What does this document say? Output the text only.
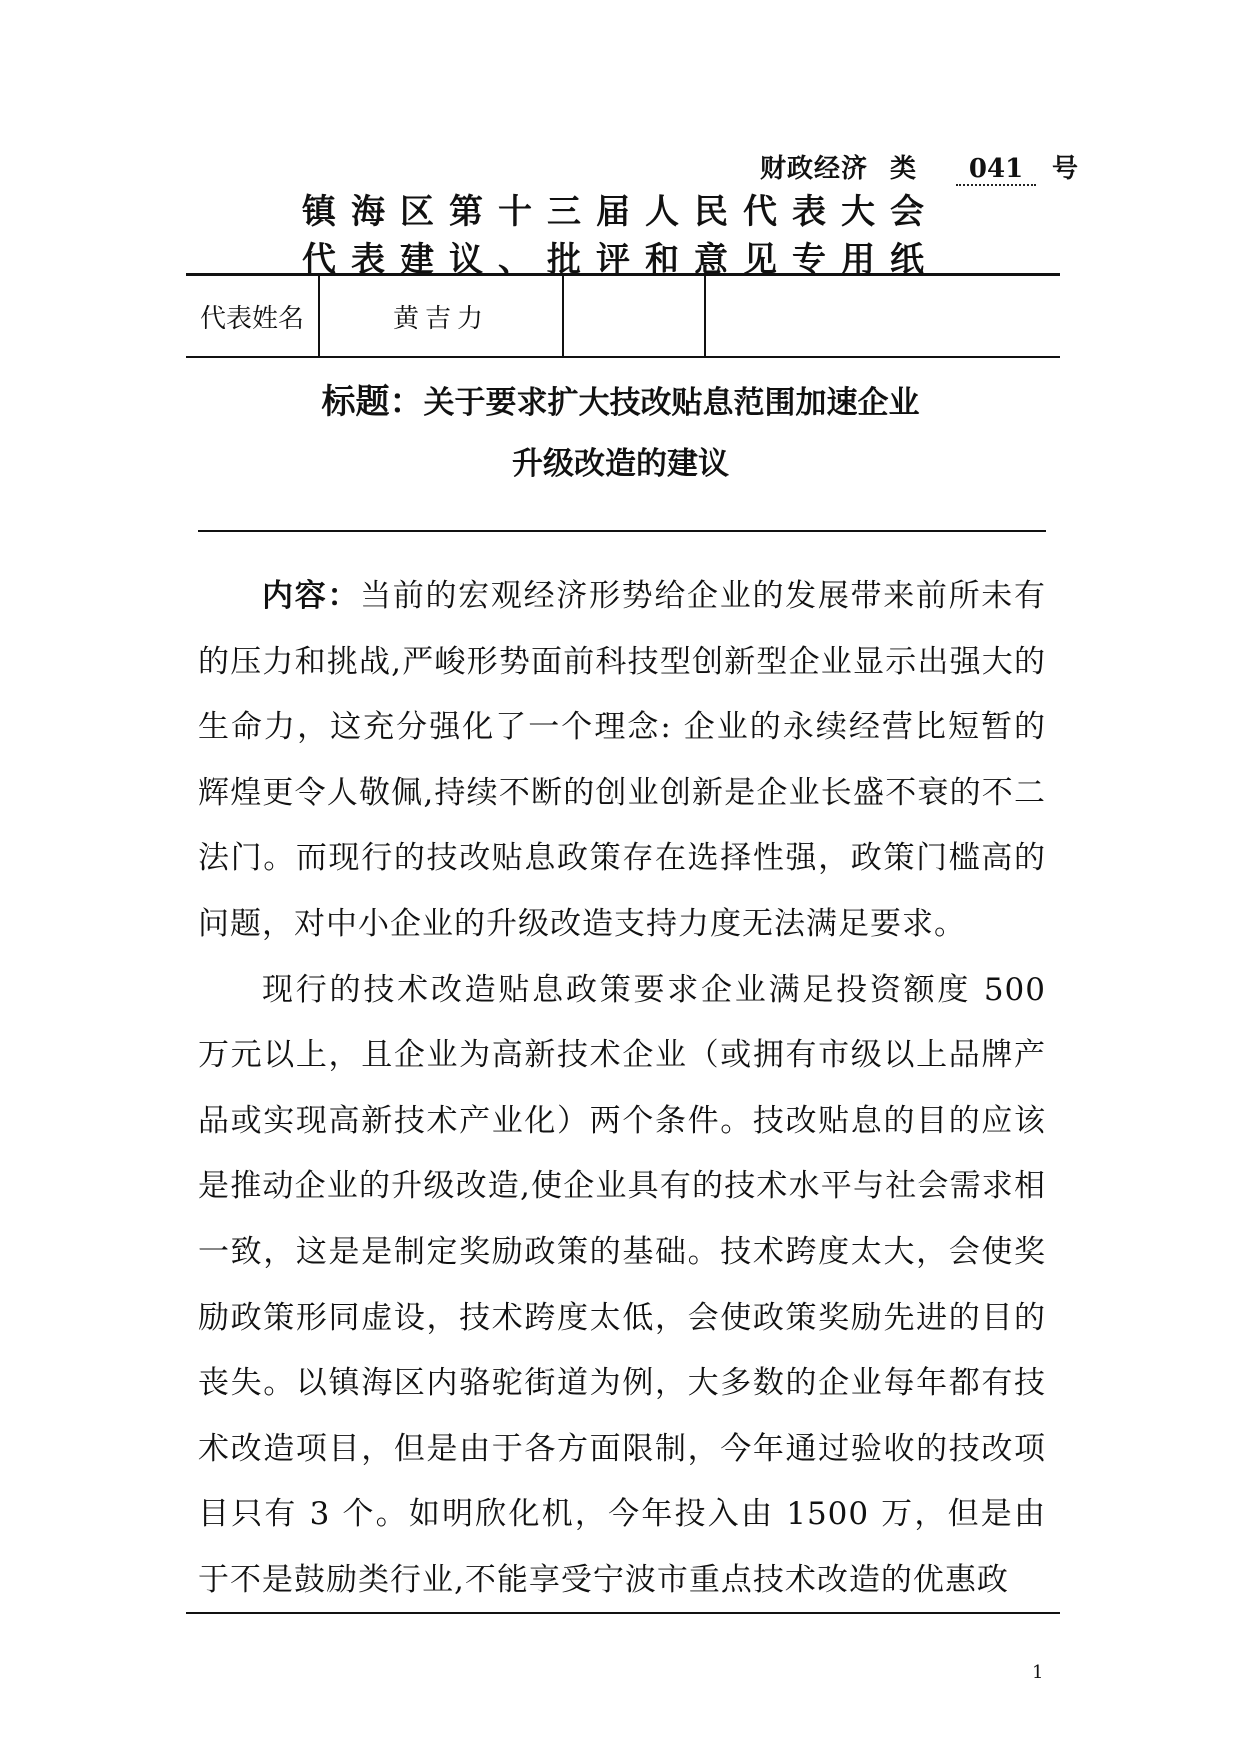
财政经济 类 041 号
镇海区第十三届人民代表大会
代表建议、批评和意见专用纸
代表姓名	黄吉力
标题：关于要求扩大技改贴息范围加速企业
升级改造的建议

内容：当前的宏观经济形势给企业的发展带来前所未有的压力和挑战,严峻形势面前科技型创新型企业显示出强大的生命力，这充分强化了一个理念: 企业的永续经营比短暂的辉煌更令人敬佩,持续不断的创业创新是企业长盛不衰的不二法门。而现行的技改贴息政策存在选择性强，政策门槛高的问题，对中小企业的升级改造支持力度无法满足要求。

现行的技术改造贴息政策要求企业满足投资额度 500 万元以上，且企业为高新技术企业（或拥有市级以上品牌产品或实现高新技术产业化）两个条件。技改贴息的目的应该是推动企业的升级改造,使企业具有的技术水平与社会需求相一致，这是是制定奖励政策的基础。技术跨度太大，会使奖励政策形同虚设，技术跨度太低，会使政策奖励先进的目的丧失。以镇海区内骆驼街道为例，大多数的企业每年都有技术改造项目，但是由于各方面限制，今年通过验收的技改项目只有 3 个。如明欣化机，今年投入由 1500 万，但是由于不是鼓励类行业,不能享受宁波市重点技术改造的优惠政

1
